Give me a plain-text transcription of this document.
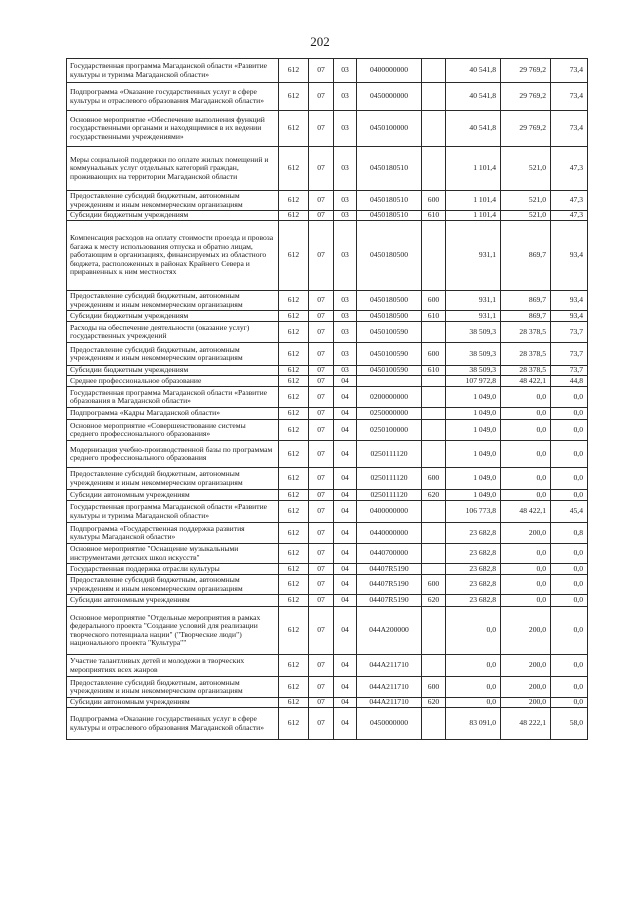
202
Государственная программа Магаданской области «Развитие культуры и туризма Магаданской области»	612	07	03	0400000000		40 541,8	29 769,2	73,4
Подпрограмма «Оказание государственных услуг в сфере культуры и отраслевого образования Магаданской области»	612	07	03	0450000000		40 541,8	29 769,2	73,4
Основное мероприятие «Обеспечение выполнения функций государственными органами и находящимися в их ведении государственными учреждениями»	612	07	03	0450100000		40 541,8	29 769,2	73,4
Меры социальной поддержки по оплате жилых помещений и коммунальных услуг отдельных категорий граждан, проживающих на территории Магаданской области	612	07	03	0450180510		1 101,4	521,0	47,3
Предоставление субсидий бюджетным, автономным учреждениям и иным некоммерческим организациям	612	07	03	0450180510	600	1 101,4	521,0	47,3
Субсидии бюджетным учреждениям	612	07	03	0450180510	610	1 101,4	521,0	47,3
Компенсация расходов на оплату стоимости проезда и провоза багажа к месту использования отпуска и обратно лицам, работающим в организациях, финансируемых из областного бюджета, расположенных в районах Крайнего Севера и приравненных к ним местностях	612	07	03	0450180500		931,1	869,7	93,4
Предоставление субсидий бюджетным, автономным учреждениям и иным некоммерческим организациям	612	07	03	0450180500	600	931,1	869,7	93,4
Субсидии бюджетным учреждениям	612	07	03	0450180500	610	931,1	869,7	93,4
Расходы на обеспечение деятельности (оказание услуг) государственных учреждений	612	07	03	0450100590		38 509,3	28 378,5	73,7
Предоставление субсидий бюджетным, автономным учреждениям и иным некоммерческим организациям	612	07	03	0450100590	600	38 509,3	28 378,5	73,7
Субсидии бюджетным учреждениям	612	07	03	0450100590	610	38 509,3	28 378,5	73,7
Среднее профессиональное образование	612	07	04			107 972,8	48 422,1	44,8
Государственная программа Магаданской области «Развитие образования в Магаданской области»	612	07	04	0200000000		1 049,0	0,0	0,0
Подпрограмма «Кадры Магаданской области»	612	07	04	0250000000		1 049,0	0,0	0,0
Основное мероприятие «Совершенствование системы среднего профессионального образования»	612	07	04	0250100000		1 049,0	0,0	0,0
Модернизация учебно-производственной базы по программам среднего профессионального образования	612	07	04	0250111120		1 049,0	0,0	0,0
Предоставление субсидий бюджетным, автономным учреждениям и иным некоммерческим организациям	612	07	04	0250111120	600	1 049,0	0,0	0,0
Субсидии автономным учреждениям	612	07	04	0250111120	620	1 049,0	0,0	0,0
Государственная программа Магаданской области «Развитие культуры и туризма Магаданской области»	612	07	04	0400000000		106 773,8	48 422,1	45,4
Подпрограмма «Государственная поддержка развития культуры Магаданской области»	612	07	04	0440000000		23 682,8	200,0	0,8
Основное мероприятие "Оснащение музыкальными инструментами детских школ искусств"	612	07	04	0440700000		23 682,8	0,0	0,0
Государственная поддержка отрасли культуры	612	07	04	04407R5190		23 682,8	0,0	0,0
Предоставление субсидий бюджетным, автономным учреждениям и иным некоммерческим организациям	612	07	04	04407R5190	600	23 682,8	0,0	0,0
Субсидии автономным учреждениям	612	07	04	04407R5190	620	23 682,8	0,0	0,0
Основное мероприятие "Отдельные мероприятия в рамках федерального проекта "Создание условий для реализации творческого потенциала нации" ("Творческие люди") национального проекта "Культура""	612	07	04	044A200000		0,0	200,0	0,0
Участие талантливых детей и молодежи в творческих мероприятиях всех жанров	612	07	04	044A211710		0,0	200,0	0,0
Предоставление субсидий бюджетным, автономным учреждениям и иным некоммерческим организациям	612	07	04	044A211710	600	0,0	200,0	0,0
Субсидии автономным учреждениям	612	07	04	044A211710	620	0,0	200,0	0,0
Подпрограмма «Оказание государственных услуг в сфере культуры и отраслевого образования Магаданской области»	612	07	04	0450000000		83 091,0	48 222,1	58,0
